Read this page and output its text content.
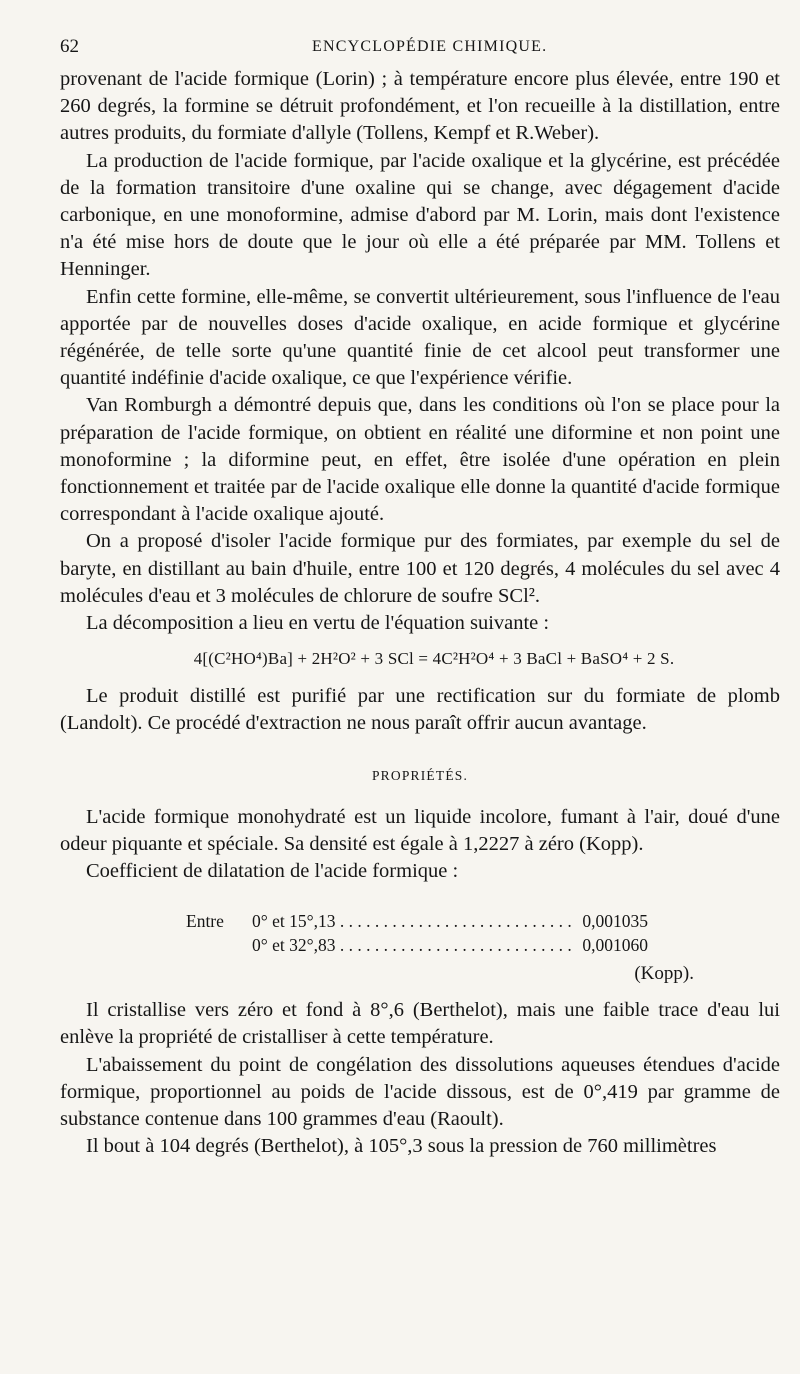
62	ENCYCLOPÉDIE CHIMIQUE.

provenant de l'acide formique (Lorin) ; à température encore plus élevée, entre 190 et 260 degrés, la formine se détruit profondément, et l'on recueille à la distillation, entre autres produits, du formiate d'allyle (Tollens, Kempf et R.Weber).

La production de l'acide formique, par l'acide oxalique et la glycérine, est précédée de la formation transitoire d'une oxaline qui se change, avec dégagement d'acide carbonique, en une monoformine, admise d'abord par M. Lorin, mais dont l'existence n'a été mise hors de doute que le jour où elle a été préparée par MM. Tollens et Henninger.

Enfin cette formine, elle-même, se convertit ultérieurement, sous l'influence de l'eau apportée par de nouvelles doses d'acide oxalique, en acide formique et glycérine régénérée, de telle sorte qu'une quantité finie de cet alcool peut transformer une quantité indéfinie d'acide oxalique, ce que l'expérience vérifie.

Van Romburgh a démontré depuis que, dans les conditions où l'on se place pour la préparation de l'acide formique, on obtient en réalité une diformine et non point une monoformine ; la diformine peut, en effet, être isolée d'une opération en plein fonctionnement et traitée par de l'acide oxalique elle donne la quantité d'acide formique correspondant à l'acide oxalique ajouté.

On a proposé d'isoler l'acide formique pur des formiates, par exemple du sel de baryte, en distillant au bain d'huile, entre 100 et 120 degrés, 4 molécules du sel avec 4 molécules d'eau et 3 molécules de chlorure de soufre SCl².

La décomposition a lieu en vertu de l'équation suivante :

4[(C²HO⁴)Ba] + 2H²O² + 3 SCl = 4C²H²O⁴ + 3 BaCl + BaSO⁴ + 2 S.

Le produit distillé est purifié par une rectification sur du formiate de plomb (Landolt). Ce procédé d'extraction ne nous paraît offrir aucun avantage.

PROPRIÉTÉS.

L'acide formique monohydraté est un liquide incolore, fumant à l'air, doué d'une odeur piquante et spéciale. Sa densité est égale à 1,2227 à zéro (Kopp).

Coefficient de dilatation de l'acide formique :

Entre	0° et 15°,13 . . .	0,001035
0° et 32°,83 . . .	0,001060
(Kopp).

Il cristallise vers zéro et fond à 8°,6 (Berthelot), mais une faible trace d'eau lui enlève la propriété de cristalliser à cette température.

L'abaissement du point de congélation des dissolutions aqueuses étendues d'acide formique, proportionnel au poids de l'acide dissous, est de 0°,419 par gramme de substance contenue dans 100 grammes d'eau (Raoult).

Il bout à 104 degrés (Berthelot), à 105°,3 sous la pression de 760 millimètres
